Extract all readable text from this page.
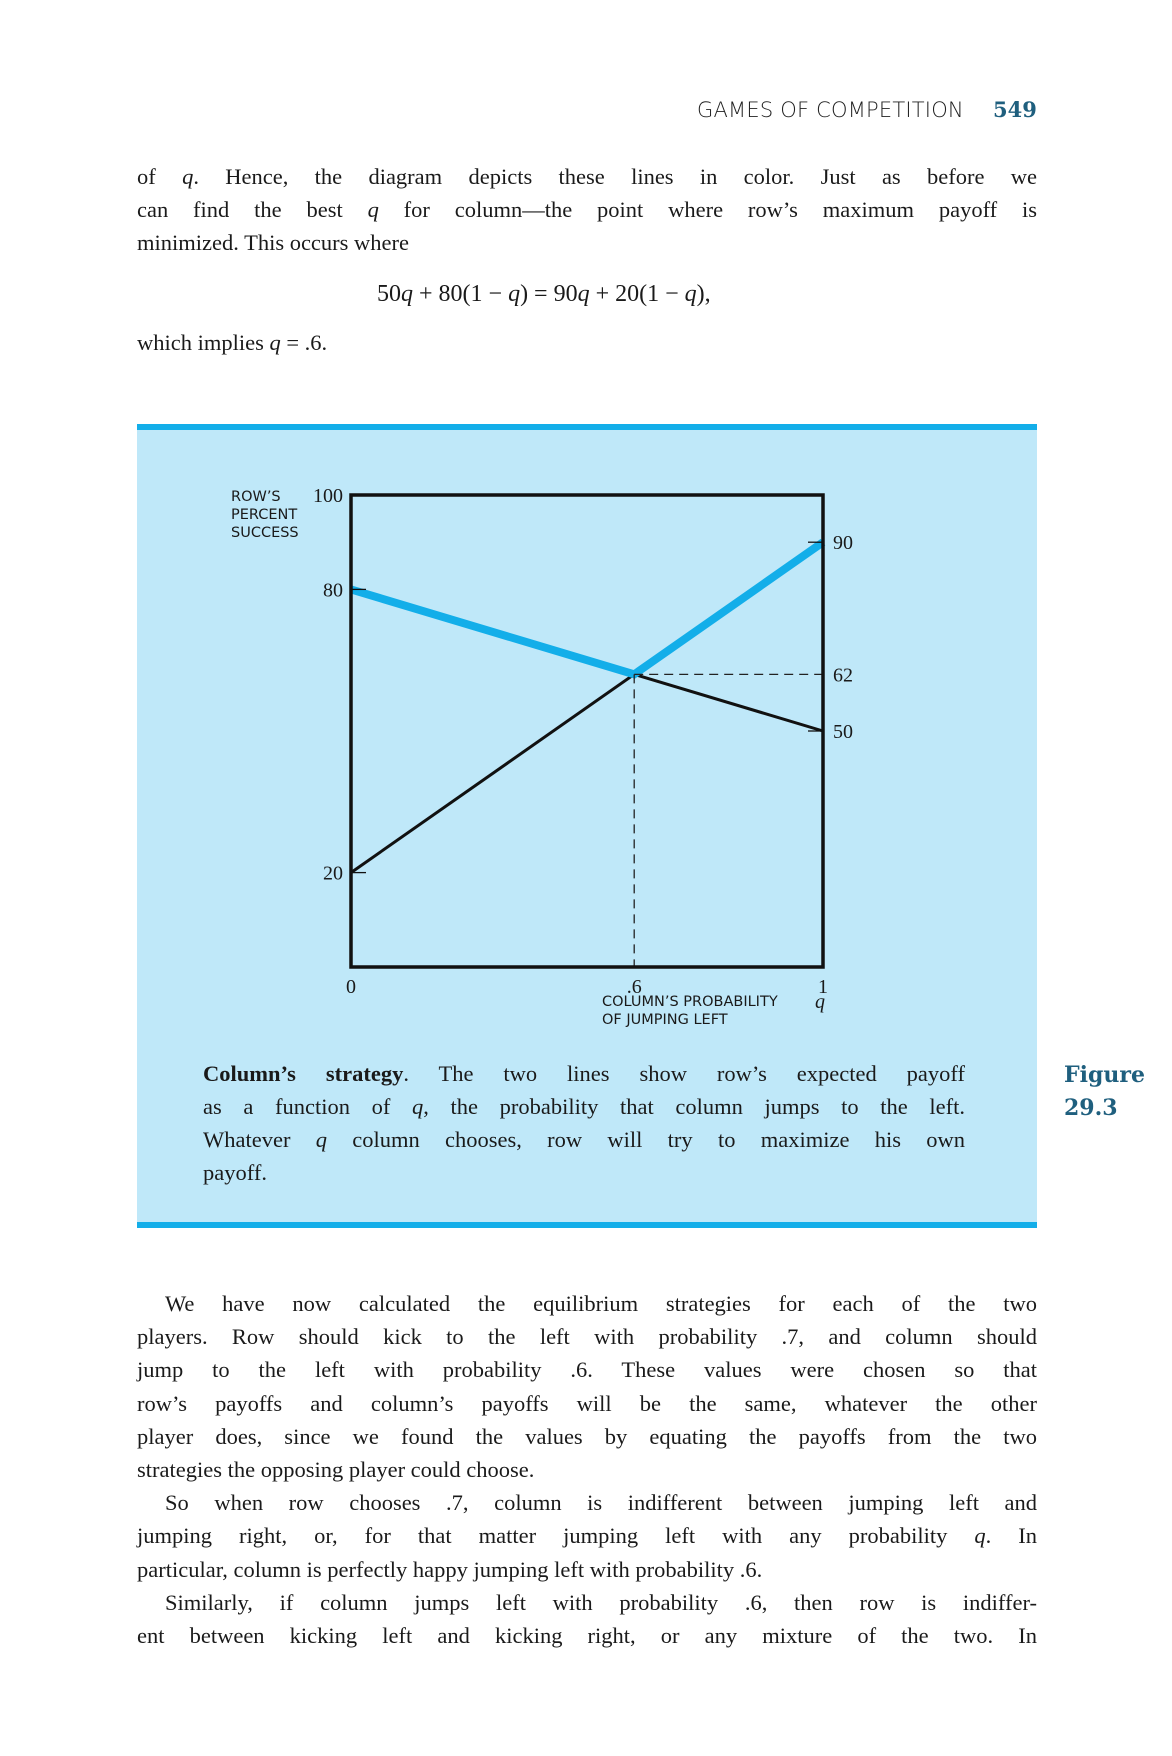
GAMES OF COMPETITION 549
of q. Hence, the diagram depicts these lines in color. Just as before we
can find the best q for column—the point where row’s maximum payoff is
minimized. This occurs where
50q + 80(1 − q) = 90q + 20(1 − q),
which implies q = .6.
100
80
20
90
62
50
0	.6	1
ROW’S
PERCENT
SUCCESS
COLUMN’S PROBABILITY
OF JUMPING LEFT
q
Column’s strategy. The two lines show row’s expected payoff
as a function of q, the probability that column jumps to the left.
Whatever q column chooses, row will try to maximize his own
payoff.
Figure
29.3
We have now calculated the equilibrium strategies for each of the two
players. Row should kick to the left with probability .7, and column should
jump to the left with probability .6. These values were chosen so that
row’s payoffs and column’s payoffs will be the same, whatever the other
player does, since we found the values by equating the payoffs from the two
strategies the opposing player could choose.
So when row chooses .7, column is indifferent between jumping left and
jumping right, or, for that matter jumping left with any probability q. In
particular, column is perfectly happy jumping left with probability .6.
Similarly, if column jumps left with probability .6, then row is indiffer-
ent between kicking left and kicking right, or any mixture of the two. In
